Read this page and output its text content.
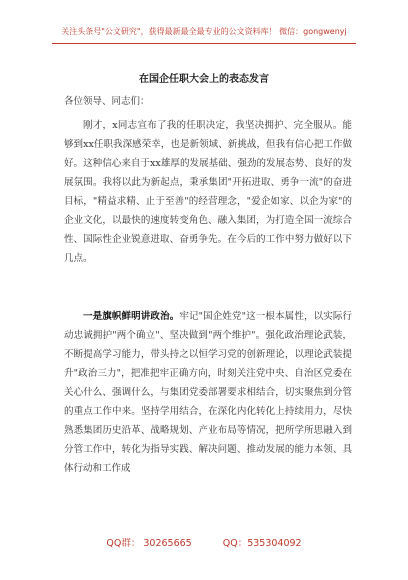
关注头条号"公文研究"，获得最新最全最专业的公文资料库！ 微信：gongwenyj
在国企任职大会上的表态发言
各位领导、同志们：

刚才，x同志宣布了我的任职决定，我坚决拥护、完全服从。能够到xx任职我深感荣幸，也是新领域、新挑战，但我有信心把工作做好。这种信心来自于xx雄厚的发展基础、强劲的发展态势、良好的发展氛围。我将以此为新起点，秉承集团"开拓进取、勇争一流"的奋进目标，"精益求精、止于至善"的经营理念，"爱企如家、以企为家"的企业文化，以最快的速度转变角色、融入集团，为打造全国一流综合性、国际性企业锐意进取、奋勇争先。在今后的工作中努力做好以下几点。

一是旗帜鲜明讲政治。牢记"国企姓党"这一根本属性，以实际行动忠诚拥护"两个确立"、坚决做到"两个维护"。强化政治理论武装，不断提高学习能力，带头持之以恒学习党的创新理论，以理论武装提升"政治三力"，把准把牢正确方向，时刻关注党中央、自治区党委在关心什么、强调什么，与集团党委部署要求相结合，切实聚焦到分管的重点工作中来。坚持学用结合，在深化内化转化上持续用力，尽快熟悉集团历史沿革、战略规划、产业布局等情况，把所学所思融入到分管工作中，转化为指导实践、解决问题、推动发展的能力本领、具体行动和工作成

QQ群： 30265665	QQ：535304092
